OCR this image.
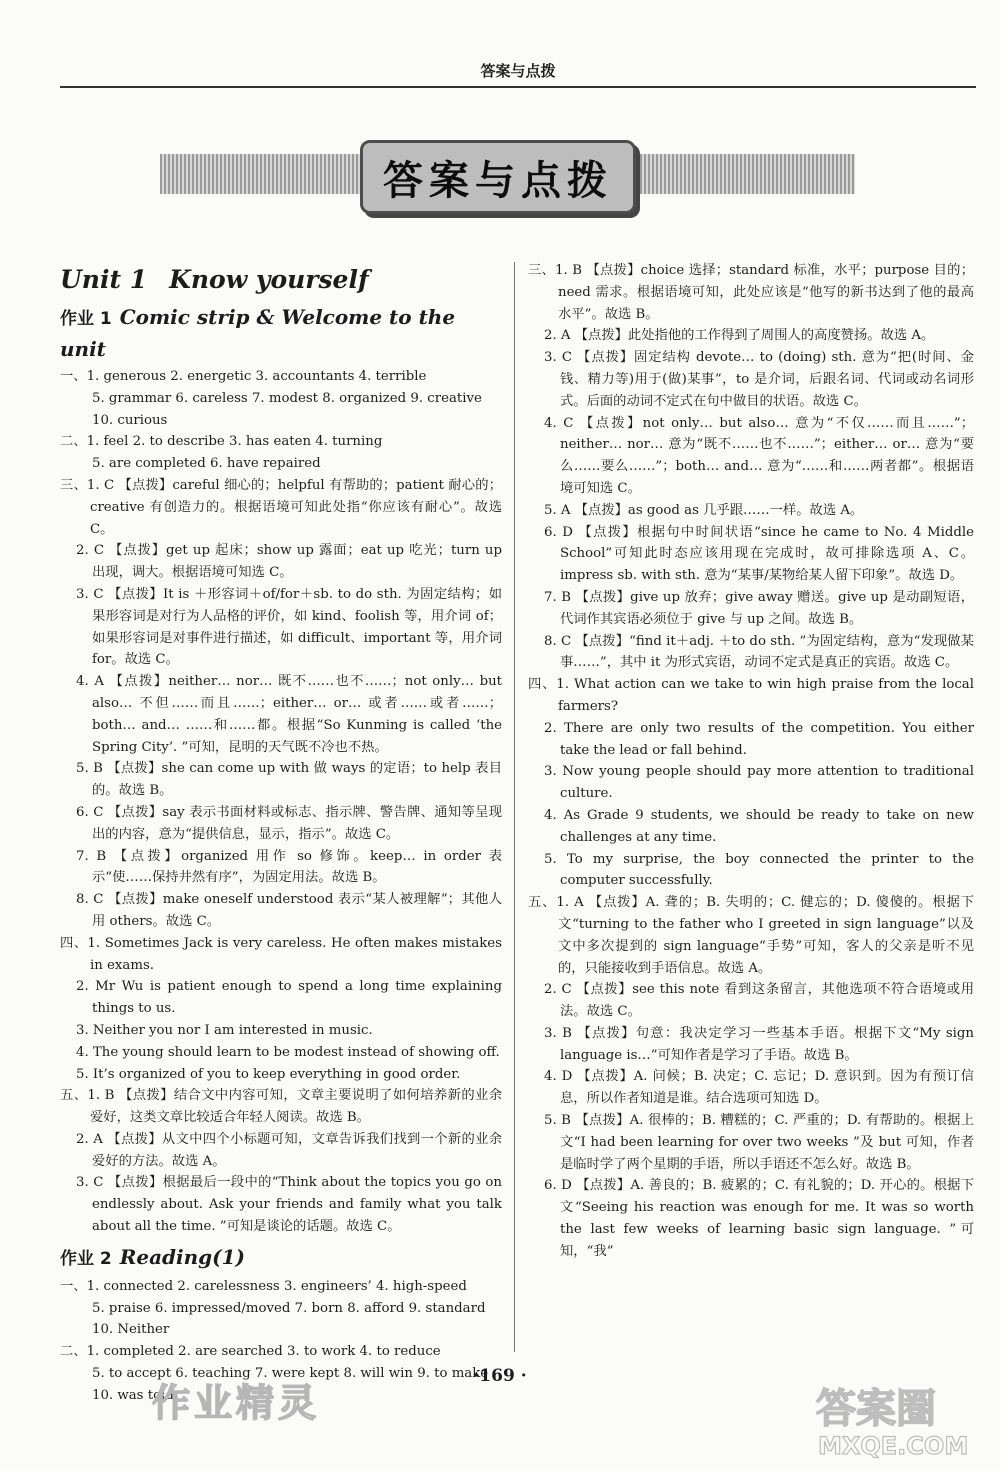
答案与点拨
答案与点拨
Unit 1 Know yourself
作业 1 Comic strip & Welcome to the unit

一、1. generous 2. energetic 3. accountants 4. terrible

5. grammar 6. careless 7. modest 8. organized 9. creative

10. curious

二、1. feel 2. to describe 3. has eaten 4. turning

5. are completed 6. have repaired

三、1. C 【点拨】careful 细心的；helpful 有帮助的；patient 耐心的；creative 有创造力的。根据语境可知此处指“你应该有耐心”。故选 C。

2. C 【点拨】get up 起床；show up 露面；eat up 吃光；turn up 出现，调大。根据语境可知选 C。

3. C 【点拨】It is ＋形容词＋of/for＋sb. to do sth. 为固定结构；如果形容词是对行为人品格的评价，如 kind、foolish 等，用介词 of；如果形容词是对事件进行描述，如 difficult、important 等，用介词 for。故选 C。

4. A 【点拨】neither… nor… 既不……也不……；not only… but also… 不但……而且……；either… or… 或者……或者……；both… and… ……和……都。根据“So Kunming is called ‘the Spring City’. ”可知，昆明的天气既不冷也不热。

5. B 【点拨】she can come up with 做 ways 的定语；to help 表目的。故选 B。

6. C 【点拨】say 表示书面材料或标志、指示牌、警告牌、通知等呈现出的内容，意为“提供信息，显示，指示”。故选 C。

7. B 【点拨】organized 用作 so 修饰。keep… in order 表示“使……保持井然有序”，为固定用法。故选 B。

8. C 【点拨】make oneself understood 表示“某人被理解”；其他人用 others。故选 C。

四、1. Sometimes Jack is very careless. He often makes mistakes in exams.

2. Mr Wu is patient enough to spend a long time explaining things to us.

3. Neither you nor I am interested in music.

4. The young should learn to be modest instead of showing off.

5. It’s organized of you to keep everything in good order.

五、1. B 【点拨】结合文中内容可知，文章主要说明了如何培养新的业余爱好，这类文章比较适合年轻人阅读。故选 B。

2. A 【点拨】从文中四个小标题可知，文章告诉我们找到一个新的业余爱好的方法。故选 A。

3. C 【点拨】根据最后一段中的“Think about the topics you go on endlessly about. Ask your friends and family what you talk about all the time. ”可知是谈论的话题。故选 C。

作业 2 Reading(1)

一、1. connected 2. carelessness 3. engineers’ 4. high-speed

5. praise 6. impressed/moved 7. born 8. afford 9. standard

10. Neither

二、1. completed 2. are searched 3. to work 4. to reduce

5. to accept 6. teaching 7. were kept 8. will win 9. to make

10. was told

三、1. B 【点拨】choice 选择；standard 标准，水平；purpose 目的；need 需求。根据语境可知，此处应该是“他写的新书达到了他的最高水平”。故选 B。

2. A 【点拨】此处指他的工作得到了周围人的高度赞扬。故选 A。

3. C 【点拨】固定结构 devote… to (doing) sth. 意为“把(时间、金钱、精力等)用于(做)某事”，to 是介词，后跟名词、代词或动名词形式。后面的动词不定式在句中做目的状语。故选 C。

4. C 【点拨】not only… but also… 意为“不仅……而且……”；neither… nor… 意为“既不……也不……”；either… or… 意为“要么……要么……”；both… and… 意为“……和……两者都”。根据语境可知选 C。

5. A 【点拨】as good as 几乎跟……一样。故选 A。

6. D 【点拨】根据句中时间状语“since he came to No. 4 Middle School”可知此时态应该用现在完成时，故可排除选项 A、C。impress sb. with sth. 意为“某事/某物给某人留下印象”。故选 D。

7. B 【点拨】give up 放弃；give away 赠送。give up 是动副短语，代词作其宾语必须位于 give 与 up 之间。故选 B。

8. C 【点拨】“find it＋adj. ＋to do sth. ”为固定结构，意为“发现做某事……”，其中 it 为形式宾语，动词不定式是真正的宾语。故选 C。

四、1. What action can we take to win high praise from the local farmers?

2. There are only two results of the competition. You either take the lead or fall behind.

3. Now young people should pay more attention to traditional culture.

4. As Grade 9 students, we should be ready to take on new challenges at any time.

5. To my surprise, the boy connected the printer to the computer successfully.

五、1. A 【点拨】A. 聋的；B. 失明的；C. 健忘的；D. 傻傻的。根据下文“turning to the father who I greeted in sign language”以及文中多次提到的 sign language“手势”可知，客人的父亲是听不见的，只能接收到手语信息。故选 A。

2. C 【点拨】see this note 看到这条留言，其他选项不符合语境或用法。故选 C。

3. B 【点拨】句意：我决定学习一些基本手语。根据下文“My sign language is…”可知作者是学习了手语。故选 B。

4. D 【点拨】A. 问候；B. 决定；C. 忘记；D. 意识到。因为有预订信息，所以作者知道是谁。结合选项可知选 D。

5. B 【点拨】A. 很棒的；B. 糟糕的；C. 严重的；D. 有帮助的。根据上文“I had been learning for over two weeks ”及 but 可知，作者是临时学了两个星期的手语，所以手语还不怎么好。故选 B。

6. D 【点拨】A. 善良的；B. 疲累的；C. 有礼貌的；D. 开心的。根据下文“Seeing his reaction was enough for me. It was so worth the last few weeks of learning basic sign language. ”可知，“我”

·169 ·
作业精灵	答案圈
MXQE.COM
